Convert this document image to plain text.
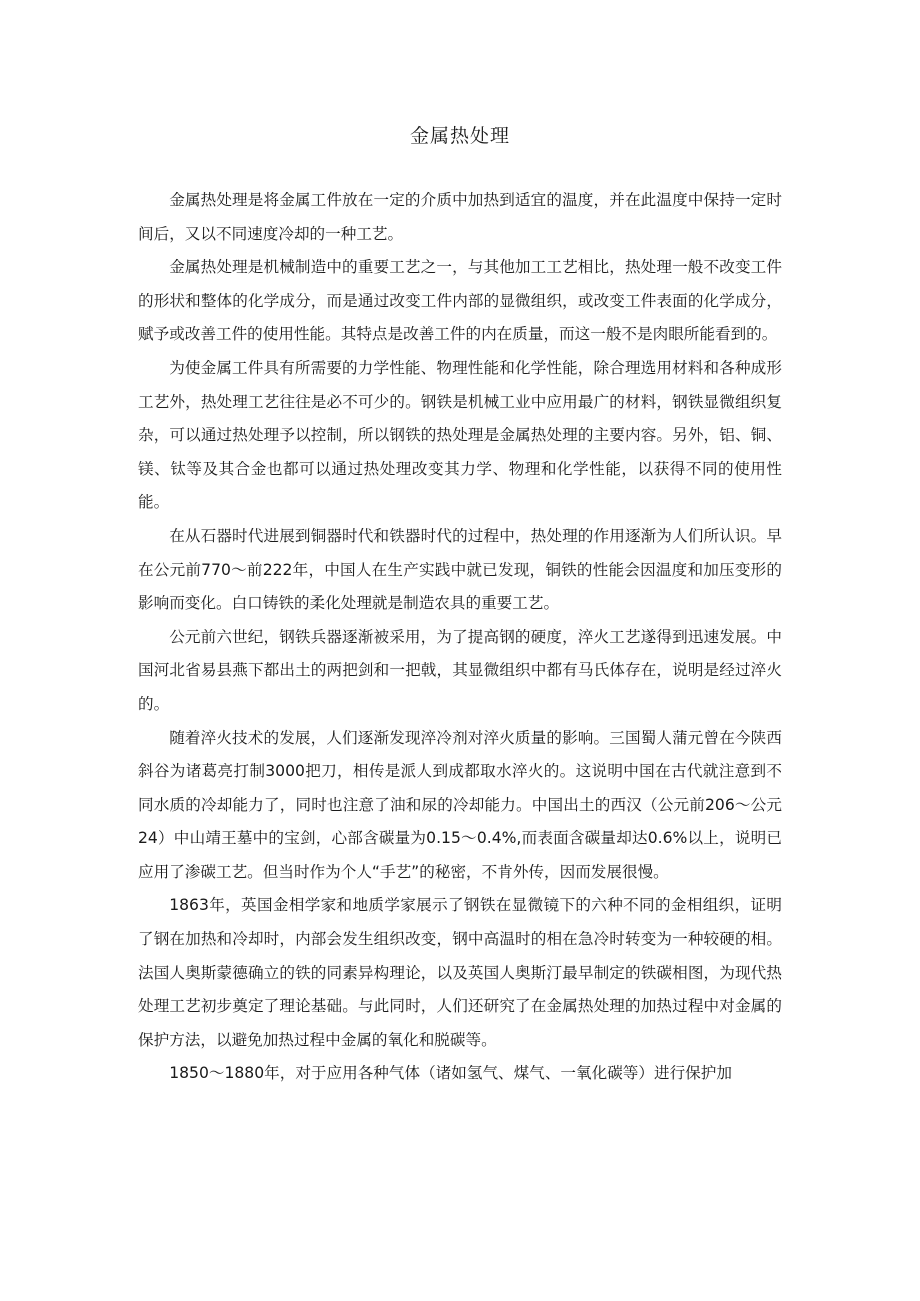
金属热处理

金属热处理是将金属工件放在一定的介质中加热到适宜的温度，并在此温度中保持一定时间后，又以不同速度冷却的一种工艺。

金属热处理是机械制造中的重要工艺之一，与其他加工工艺相比，热处理一般不改变工件的形状和整体的化学成分，而是通过改变工件内部的显微组织，或改变工件表面的化学成分，赋予或改善工件的使用性能。其特点是改善工件的内在质量，而这一般不是肉眼所能看到的。

为使金属工件具有所需要的力学性能、物理性能和化学性能，除合理选用材料和各种成形工艺外，热处理工艺往往是必不可少的。钢铁是机械工业中应用最广的材料，钢铁显微组织复杂，可以通过热处理予以控制，所以钢铁的热处理是金属热处理的主要内容。另外，铝、铜、镁、钛等及其合金也都可以通过热处理改变其力学、物理和化学性能，以获得不同的使用性能。

在从石器时代进展到铜器时代和铁器时代的过程中，热处理的作用逐渐为人们所认识。早在公元前770～前222年，中国人在生产实践中就已发现，铜铁的性能会因温度和加压变形的影响而变化。白口铸铁的柔化处理就是制造农具的重要工艺。

公元前六世纪，钢铁兵器逐渐被采用，为了提高钢的硬度，淬火工艺遂得到迅速发展。中国河北省易县燕下都出土的两把剑和一把戟，其显微组织中都有马氏体存在，说明是经过淬火的。

随着淬火技术的发展，人们逐渐发现淬冷剂对淬火质量的影响。三国蜀人蒲元曾在今陕西斜谷为诸葛亮打制3000把刀，相传是派人到成都取水淬火的。这说明中国在古代就注意到不同水质的冷却能力了，同时也注意了油和尿的冷却能力。中国出土的西汉（公元前206～公元24）中山靖王墓中的宝剑，心部含碳量为0.15～0.4%,而表面含碳量却达0.6%以上，说明已应用了渗碳工艺。但当时作为个人“手艺”的秘密，不肯外传，因而发展很慢。

1863年，英国金相学家和地质学家展示了钢铁在显微镜下的六种不同的金相组织，证明了钢在加热和冷却时，内部会发生组织改变，钢中高温时的相在急冷时转变为一种较硬的相。法国人奥斯蒙德确立的铁的同素异构理论，以及英国人奥斯汀最早制定的铁碳相图，为现代热处理工艺初步奠定了理论基础。与此同时，人们还研究了在金属热处理的加热过程中对金属的保护方法，以避免加热过程中金属的氧化和脱碳等。

1850～1880年，对于应用各种气体（诸如氢气、煤气、一氧化碳等）进行保护加
